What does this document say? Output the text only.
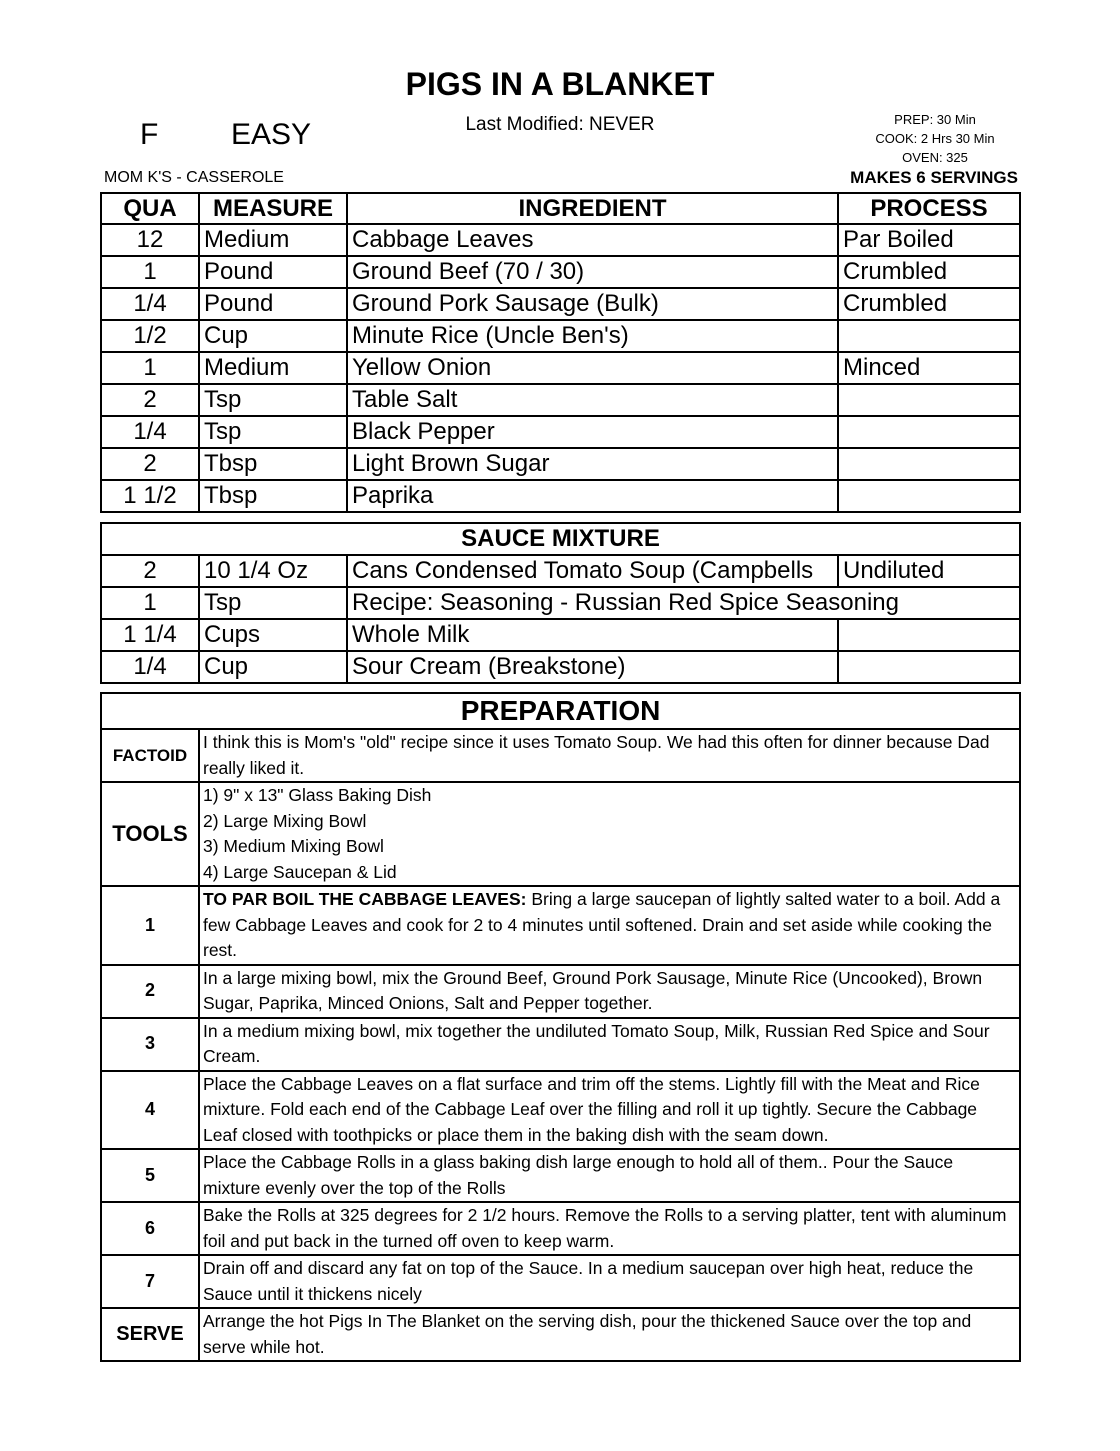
PIGS IN A BLANKET
Last Modified: NEVER
F EASY	PREP: 30 Min
COOK: 2 Hrs 30 Min
OVEN: 325
MOM K'S - CASSEROLE	MAKES 6 SERVINGS
QUA	MEASURE	INGREDIENT	PROCESS
12	Medium	Cabbage Leaves	Par Boiled
1	Pound	Ground Beef (70 / 30)	Crumbled
1/4	Pound	Ground Pork Sausage (Bulk)	Crumbled
1/2	Cup	Minute Rice (Uncle Ben's)	
1	Medium	Yellow Onion	Minced
2	Tsp	Table Salt	
1/4	Tsp	Black Pepper	
2	Tbsp	Light Brown Sugar	
1 1/2	Tbsp	Paprika	
SAUCE MIXTURE			
2	10 1/4 Oz	Cans Condensed Tomato Soup (Campbells	Undiluted
1	Tsp	Recipe: Seasoning - Russian Red Spice Seasoning	
1 1/4	Cups	Whole Milk	
1/4	Cup	Sour Cream (Breakstone)	
PREPARATION	
FACTOID	I think this is Mom's "old" recipe since it uses Tomato Soup. We had this often for dinner because Dad really liked it.
TOOLS	1) 9" x 13" Glass Baking Dish
2) Large Mixing Bowl
3) Medium Mixing Bowl
4) Large Saucepan & Lid

1	TO PAR BOIL THE CABBAGE LEAVES: Bring a large saucepan of lightly salted water to a boil. Add a few Cabbage Leaves and cook for 2 to 4 minutes until softened. Drain and set aside while cooking the rest.
2	In a large mixing bowl, mix the Ground Beef, Ground Pork Sausage, Minute Rice (Uncooked), Brown Sugar, Paprika, Minced Onions, Salt and Pepper together.
3	In a medium mixing bowl, mix together the undiluted Tomato Soup, Milk, Russian Red Spice and Sour Cream.
4	Place the Cabbage Leaves on a flat surface and trim off the stems. Lightly fill with the Meat and Rice mixture. Fold each end of the Cabbage Leaf over the filling and roll it up tightly. Secure the Cabbage Leaf closed with toothpicks or place them in the baking dish with the seam down.
5	Place the Cabbage Rolls in a glass baking dish large enough to hold all of them.. Pour the Sauce mixture evenly over the top of the Rolls
6	Bake the Rolls at 325 degrees for 2 1/2 hours. Remove the Rolls to a serving platter, tent with aluminum foil and put back in the turned off oven to keep warm.
7	Drain off and discard any fat on top of the Sauce. In a medium saucepan over high heat, reduce the Sauce until it thickens nicely
SERVE	Arrange the hot Pigs In The Blanket on the serving dish, pour the thickened Sauce over the top and serve while hot.
